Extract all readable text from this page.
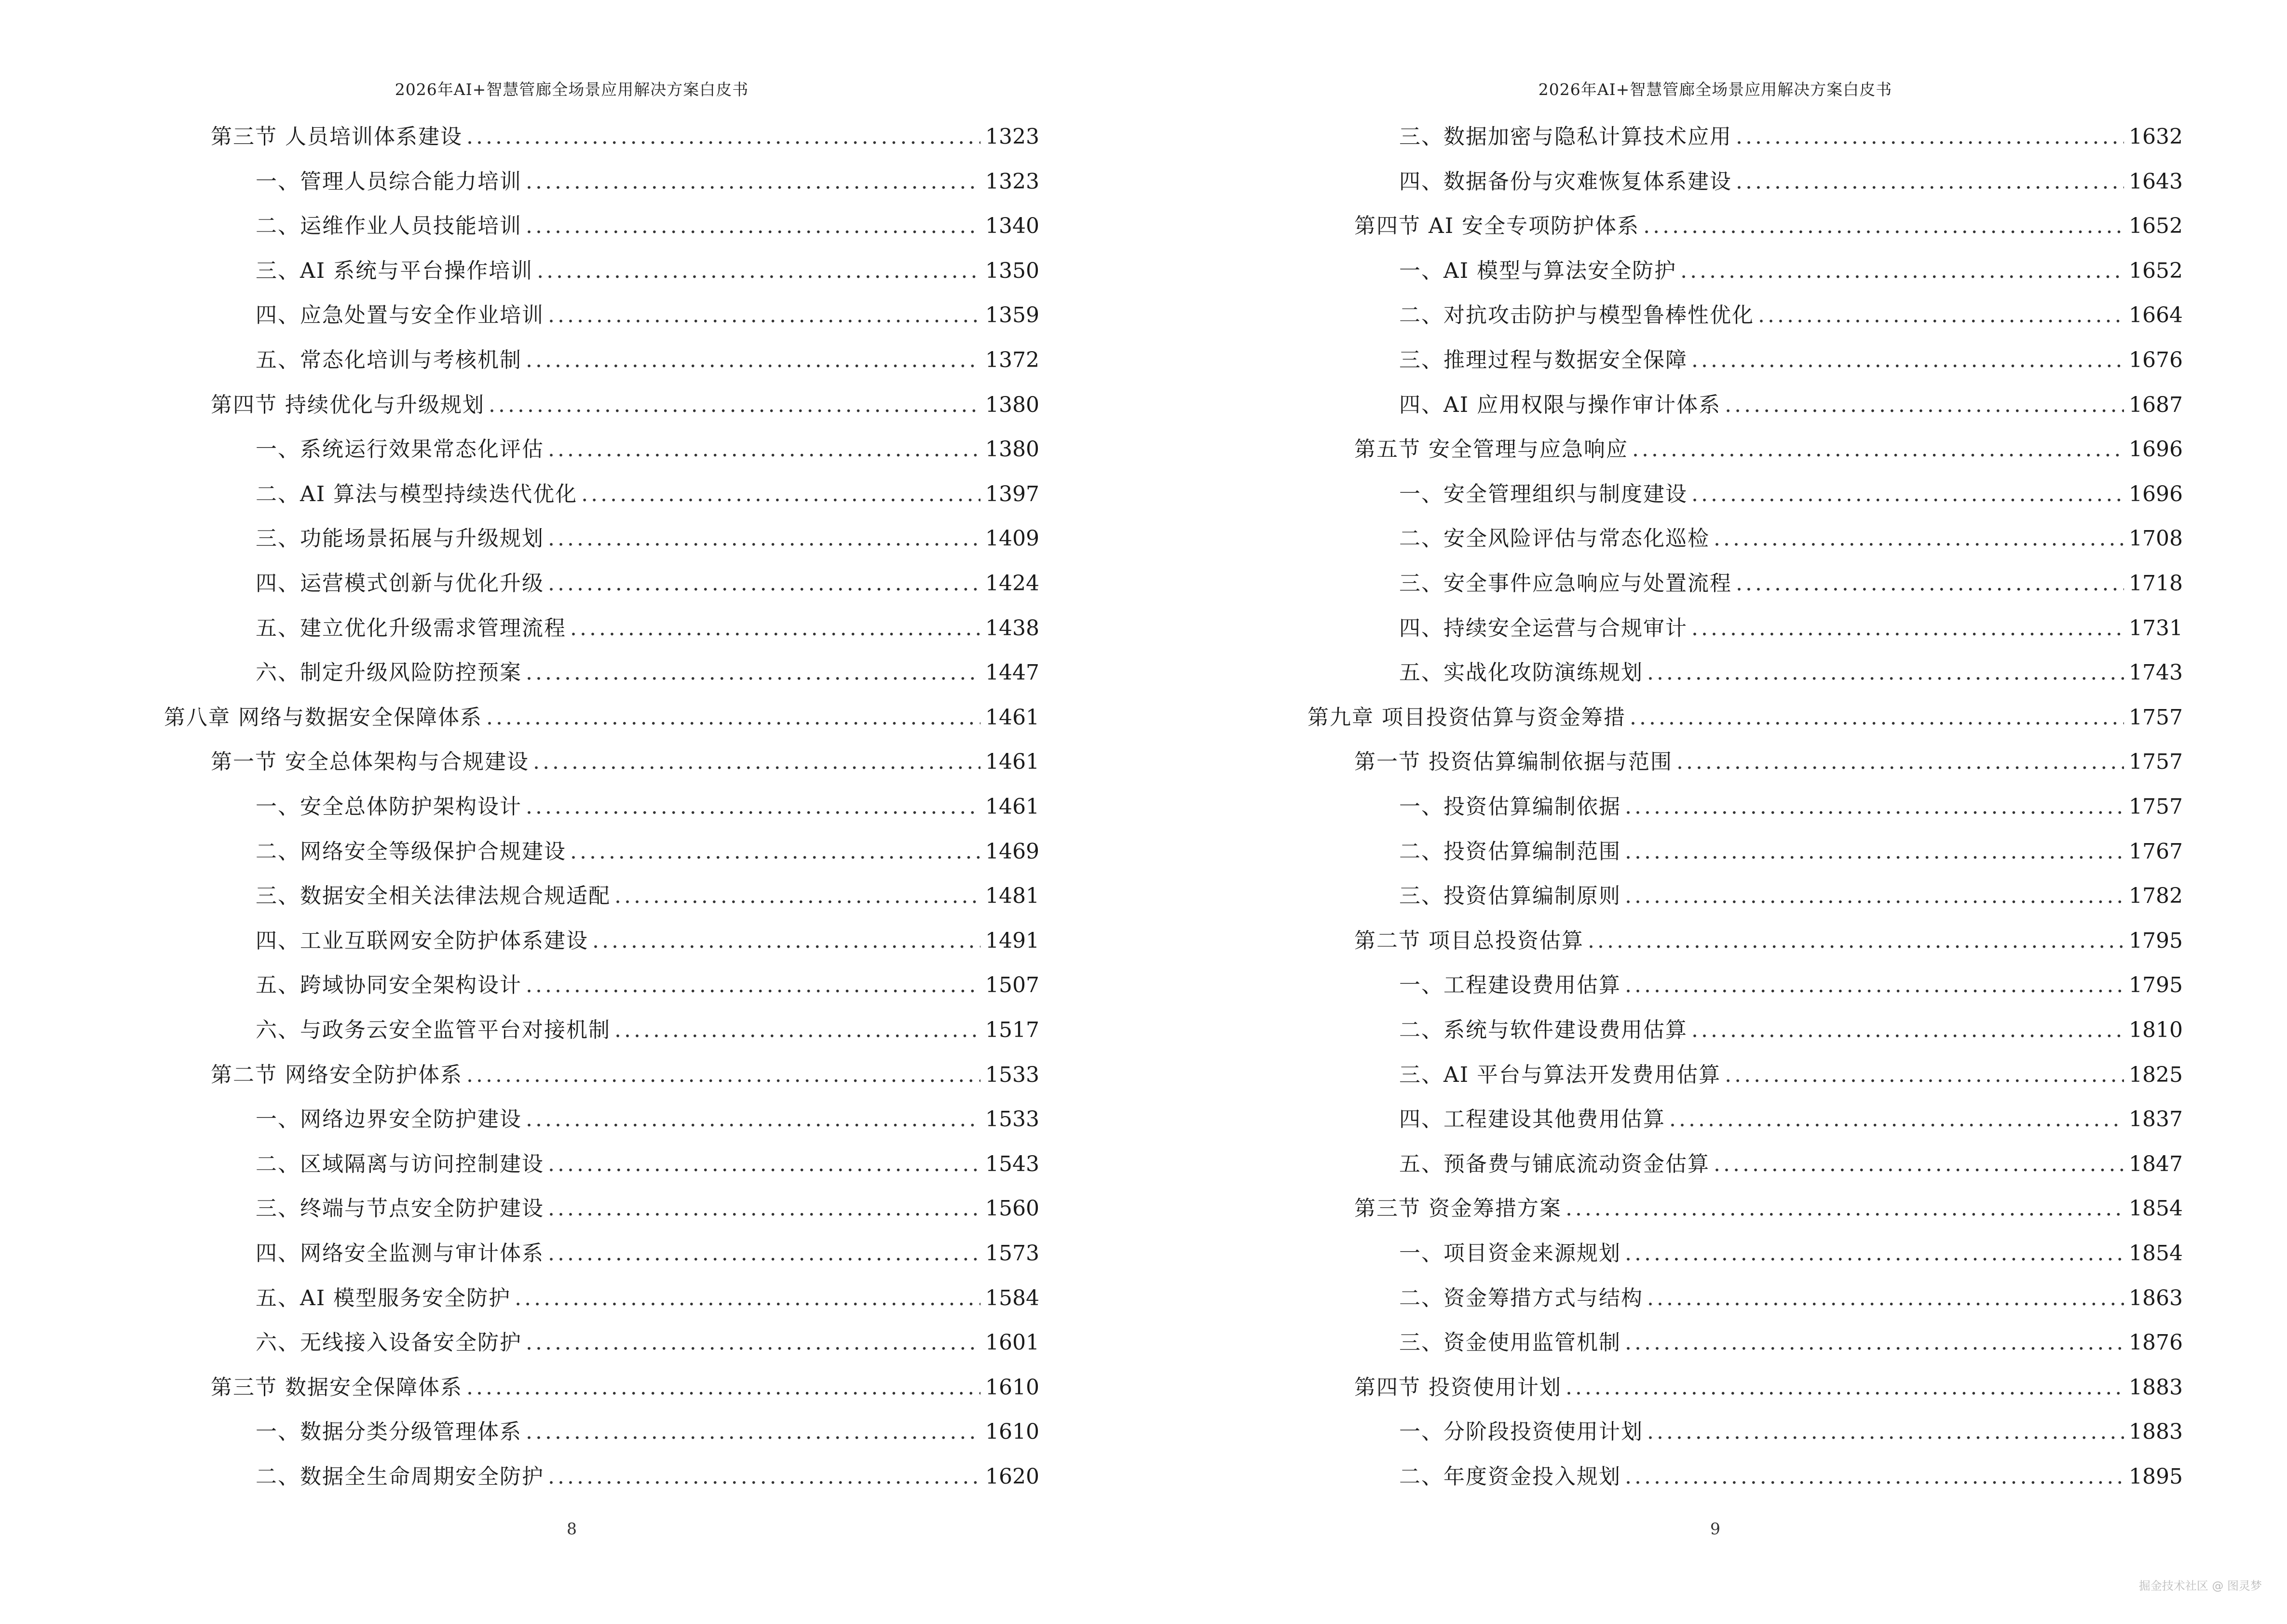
2026年AI+智慧管廊全场景应用解决方案白皮书
第三节 人员培训体系建设 .....	1323
一、管理人员综合能力培训 .....	1323
二、运维作业人员技能培训 .....	1340
三、AI 系统与平台操作培训 .....	1350
四、应急处置与安全作业培训 .....	1359
五、常态化培训与考核机制 .....	1372
第四节 持续优化与升级规划 .....	1380
一、系统运行效果常态化评估 .....	1380
二、AI 算法与模型持续迭代优化 .....	1397
三、功能场景拓展与升级规划 .....	1409
四、运营模式创新与优化升级 .....	1424
五、建立优化升级需求管理流程 .....	1438
六、制定升级风险防控预案 .....	1447
第八章 网络与数据安全保障体系 .....	1461
第一节 安全总体架构与合规建设 .....	1461
一、安全总体防护架构设计 .....	1461
二、网络安全等级保护合规建设 .....	1469
三、数据安全相关法律法规合规适配 .....	1481
四、工业互联网安全防护体系建设 .....	1491
五、跨域协同安全架构设计 .....	1507
六、与政务云安全监管平台对接机制 .....	1517
第二节 网络安全防护体系 .....	1533
一、网络边界安全防护建设 .....	1533
二、区域隔离与访问控制建设 .....	1543
三、终端与节点安全防护建设 .....	1560
四、网络安全监测与审计体系 .....	1573
五、AI 模型服务安全防护 .....	1584
六、无线接入设备安全防护 .....	1601
第三节 数据安全保障体系 .....	1610
一、数据分类分级管理体系 .....	1610
二、数据全生命周期安全防护 .....	1620
8
2026年AI+智慧管廊全场景应用解决方案白皮书
三、数据加密与隐私计算技术应用 .....	1632
四、数据备份与灾难恢复体系建设 .....	1643
第四节 AI 安全专项防护体系 .....	1652
一、AI 模型与算法安全防护 .....	1652
二、对抗攻击防护与模型鲁棒性优化 .....	1664
三、推理过程与数据安全保障 .....	1676
四、AI 应用权限与操作审计体系 .....	1687
第五节 安全管理与应急响应 .....	1696
一、安全管理组织与制度建设 .....	1696
二、安全风险评估与常态化巡检 .....	1708
三、安全事件应急响应与处置流程 .....	1718
四、持续安全运营与合规审计 .....	1731
五、实战化攻防演练规划 .....	1743
第九章 项目投资估算与资金筹措 .....	1757
第一节 投资估算编制依据与范围 .....	1757
一、投资估算编制依据 .....	1757
二、投资估算编制范围 .....	1767
三、投资估算编制原则 .....	1782
第二节 项目总投资估算 .....	1795
一、工程建设费用估算 .....	1795
二、系统与软件建设费用估算 .....	1810
三、AI 平台与算法开发费用估算 .....	1825
四、工程建设其他费用估算 .....	1837
五、预备费与铺底流动资金估算 .....	1847
第三节 资金筹措方案 .....	1854
一、项目资金来源规划 .....	1854
二、资金筹措方式与结构 .....	1863
三、资金使用监管机制 .....	1876
第四节 投资使用计划 .....	1883
一、分阶段投资使用计划 .....	1883
二、年度资金投入规划 .....	1895
9
掘金技术社区 @ 图灵梦
